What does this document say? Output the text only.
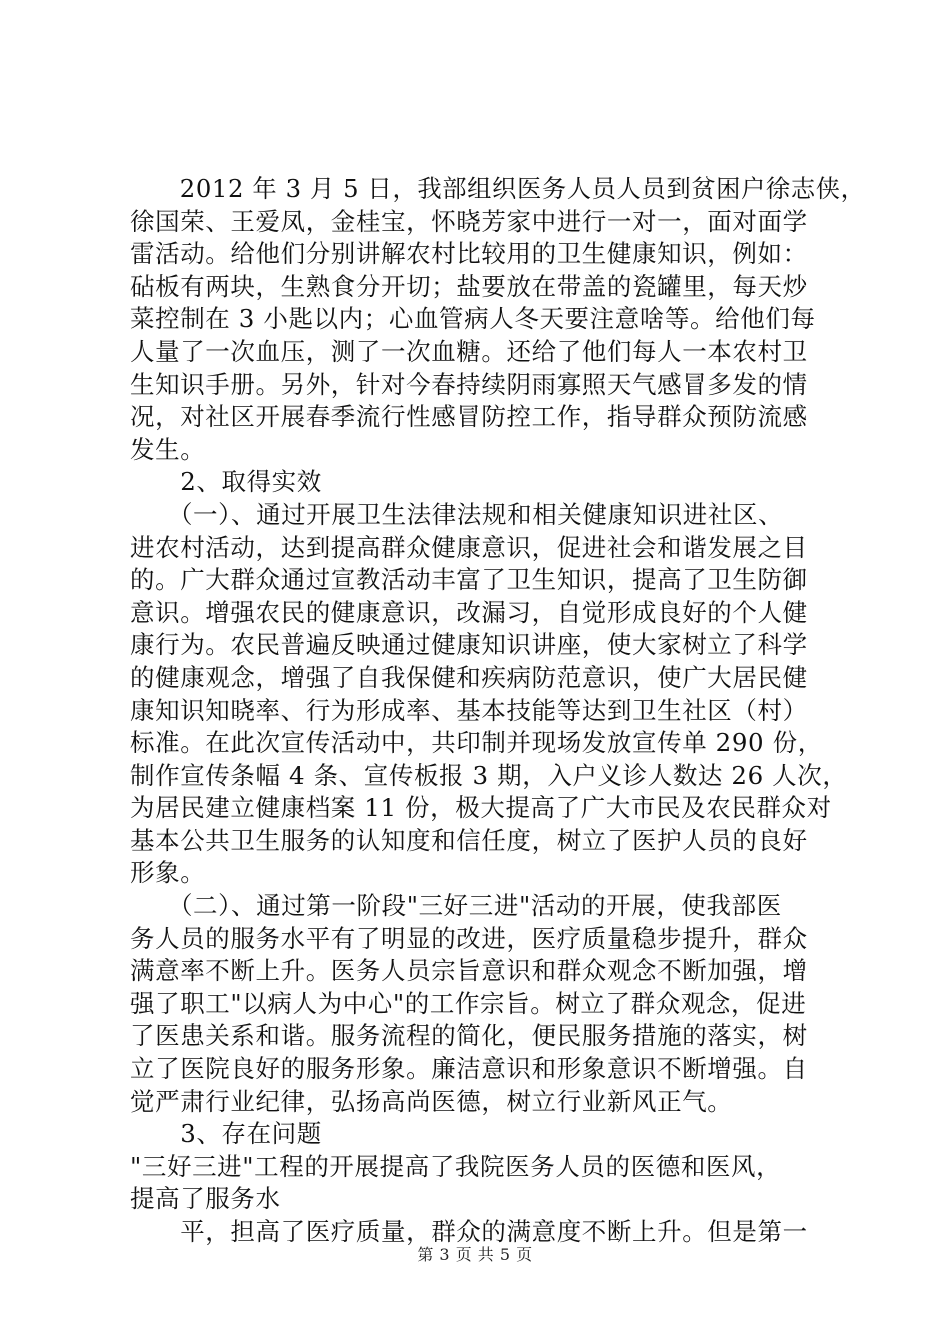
　　2012 年 3 月 5 日，我部组织医务人员人员到贫困户徐志侠，
徐国荣、王爱凤，金桂宝，怀晓芳家中进行一对一，面对面学
雷活动。给他们分别讲解农村比较用的卫生健康知识，例如：
砧板有两块，生熟食分开切；盐要放在带盖的瓷罐里，每天炒
菜控制在 3 小匙以内；心血管病人冬天要注意啥等。给他们每
人量了一次血压，测了一次血糖。还给了他们每人一本农村卫
生知识手册。另外，针对今春持续阴雨寡照天气感冒多发的情
况，对社区开展春季流行性感冒防控工作，指导群众预防流感
发生。
　　2、取得实效
　　（一）、通过开展卫生法律法规和相关健康知识进社区、
进农村活动，达到提高群众健康意识，促进社会和谐发展之目
的。广大群众通过宣教活动丰富了卫生知识，提高了卫生防御
意识。增强农民的健康意识，改漏习，自觉形成良好的个人健
康行为。农民普遍反映通过健康知识讲座，使大家树立了科学
的健康观念，增强了自我保健和疾病防范意识，使广大居民健
康知识知晓率、行为形成率、基本技能等达到卫生社区（村）
标准。在此次宣传活动中，共印制并现场发放宣传单 290 份，
制作宣传条幅 4 条、宣传板报 3 期，入户义诊人数达 26 人次，
为居民建立健康档案 11 份，极大提高了广大市民及农民群众对
基本公共卫生服务的认知度和信任度，树立了医护人员的良好
形象。
　　（二）、通过第一阶段"三好三进"活动的开展，使我部医
务人员的服务水平有了明显的改进，医疗质量稳步提升，群众
满意率不断上升。医务人员宗旨意识和群众观念不断加强，增
强了职工"以病人为中心"的工作宗旨。树立了群众观念，促进
了医患关系和谐。服务流程的简化，便民服务措施的落实，树
立了医院良好的服务形象。廉洁意识和形象意识不断增强。自
觉严肃行业纪律，弘扬高尚医德，树立行业新风正气。
　　3、存在问题
"三好三进"工程的开展提高了我院医务人员的医德和医风，
提高了服务水
　　平，担高了医疗质量，群众的满意度不断上升。但是第一
第 3 页 共 5 页
